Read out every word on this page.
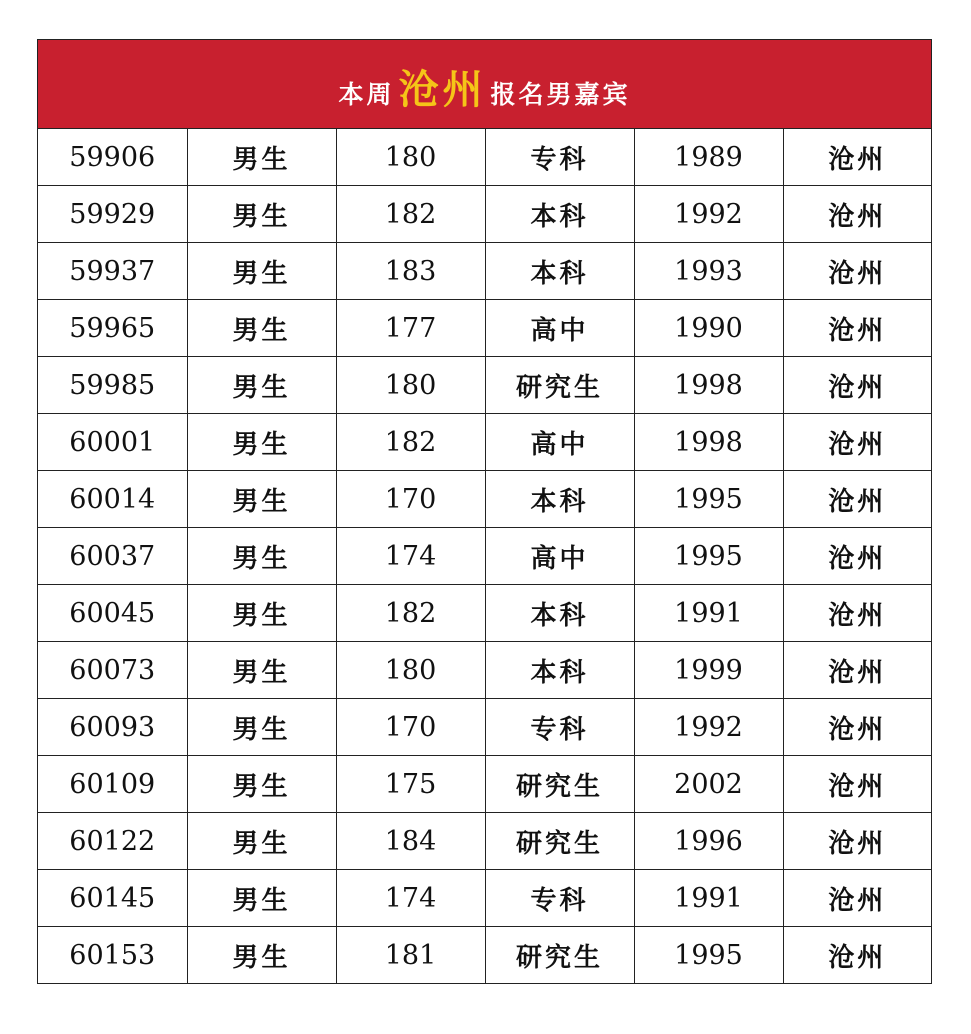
本周 沧州 报名男嘉宾
59906	男生	180	专科	1989	沧州
59929	男生	182	本科	1992	沧州
59937	男生	183	本科	1993	沧州
59965	男生	177	高中	1990	沧州
59985	男生	180	研究生	1998	沧州
60001	男生	182	高中	1998	沧州
60014	男生	170	本科	1995	沧州
60037	男生	174	高中	1995	沧州
60045	男生	182	本科	1991	沧州
60073	男生	180	本科	1999	沧州
60093	男生	170	专科	1992	沧州
60109	男生	175	研究生	2002	沧州
60122	男生	184	研究生	1996	沧州
60145	男生	174	专科	1991	沧州
60153	男生	181	研究生	1995	沧州
